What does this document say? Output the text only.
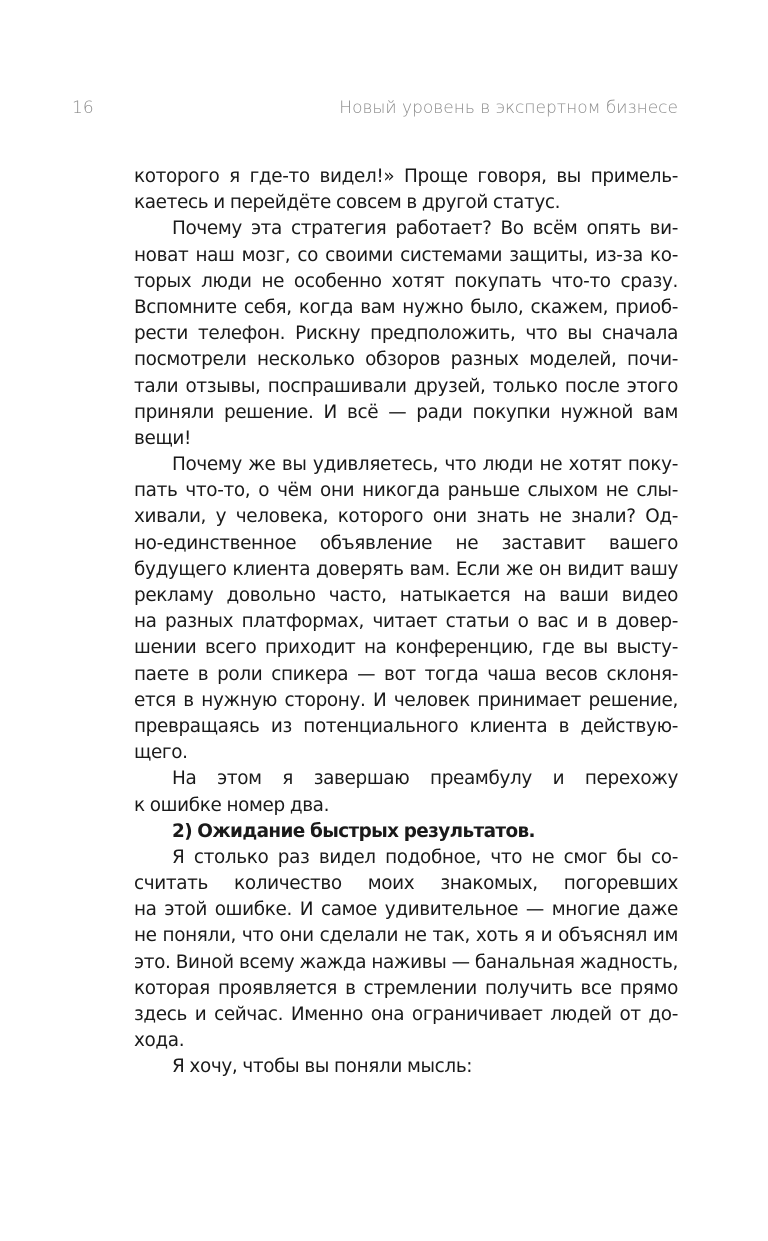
16	Новый уровень в экспертном бизнесе
которого я где-то видел!» Проще говоря, вы примель-
каетесь и перейдёте совсем в другой статус.
Почему эта стратегия работает? Во всём опять ви-
новат наш мозг, со своими системами защиты, из-за ко-
торых люди не особенно хотят покупать что-то сразу.
Вспомните себя, когда вам нужно было, скажем, приоб-
рести телефон. Рискну предположить, что вы сначала
посмотрели несколько обзоров разных моделей, почи-
тали отзывы, поспрашивали друзей, только после этого
приняли решение. И всё — ради покупки нужной вам
вещи!
Почему же вы удивляетесь, что люди не хотят поку-
пать что-то, о чём они никогда раньше слыхом не слы-
хивали, у человека, которого они знать не знали? Од-
но-единственное объявление не заставит вашего
будущего клиента доверять вам. Если же он видит вашу
рекламу довольно часто, натыкается на ваши видео
на разных платформах, читает статьи о вас и в довер-
шении всего приходит на конференцию, где вы высту-
паете в роли спикера — вот тогда чаша весов склоня-
ется в нужную сторону. И человек принимает решение,
превращаясь из потенциального клиента в действую-
щего.
На этом я завершаю преамбулу и перехожу
к ошибке номер два.
2) Ожидание быстрых результатов.
Я столько раз видел подобное, что не смог бы со-
считать количество моих знакомых, погоревших
на этой ошибке. И самое удивительное — многие даже
не поняли, что они сделали не так, хоть я и объяснял им
это. Виной всему жажда наживы — банальная жадность,
которая проявляется в стремлении получить все прямо
здесь и сейчас. Именно она ограничивает людей от до-
хода.
Я хочу, чтобы вы поняли мысль:
